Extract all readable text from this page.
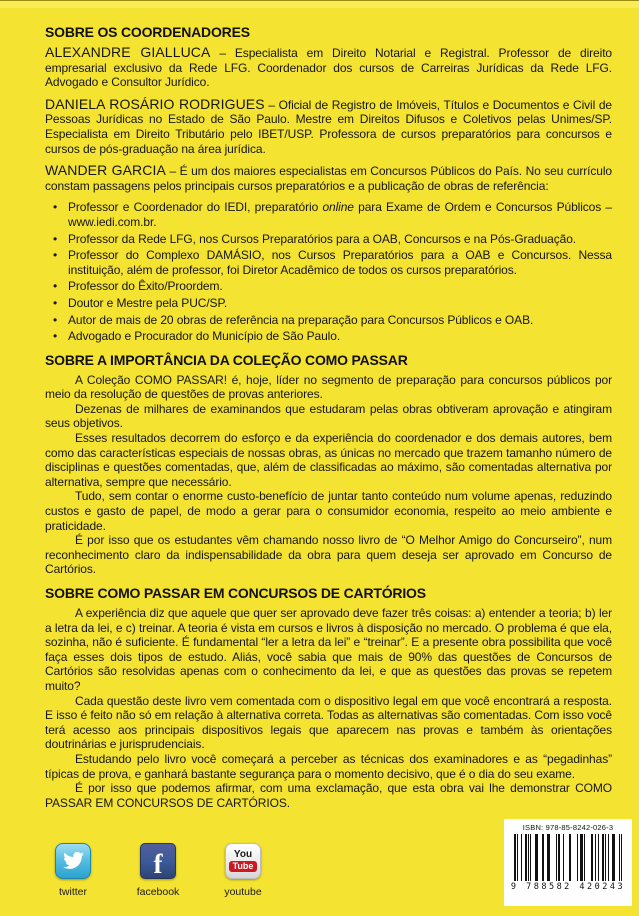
SOBRE OS COORDENADORES

ALEXANDRE GIALLUCA – Especialista em Direito Notarial e Registral. Professor de direito empresarial exclusivo da Rede LFG. Coordenador dos cursos de Carreiras Jurídicas da Rede LFG. Advogado e Consultor Jurídico.

DANIELA ROSÁRIO RODRIGUES – Oficial de Registro de Imóveis, Títulos e Documentos e Civil de Pessoas Jurídicas no Estado de São Paulo. Mestre em Direitos Difusos e Coletivos pelas Unimes/SP. Especialista em Direito Tributário pelo IBET/USP. Professora de cursos preparatórios para concursos e cursos de pós-graduação na área jurídica.

WANDER GARCIA – É um dos maiores especialistas em Concursos Públicos do País. No seu currículo constam passagens pelos principais cursos preparatórios e a publicação de obras de referência:

• Professor e Coordenador do IEDI, preparatório online para Exame de Ordem e Concursos Públicos – www.iedi.com.br.
• Professor da Rede LFG, nos Cursos Preparatórios para a OAB, Concursos e na Pós-Graduação.
• Professor do Complexo DAMÁSIO, nos Cursos Preparatórios para a OAB e Concursos. Nessa instituição, além de professor, foi Diretor Acadêmico de todos os cursos preparatórios.
• Professor do Êxito/Proordem.
• Doutor e Mestre pela PUC/SP.
• Autor de mais de 20 obras de referência na preparação para Concursos Públicos e OAB.
• Advogado e Procurador do Município de São Paulo.
SOBRE A IMPORTÂNCIA DA COLEÇÃO COMO PASSAR

A Coleção COMO PASSAR! é, hoje, líder no segmento de preparação para concursos públicos por meio da resolução de questões de provas anteriores.

Dezenas de milhares de examinandos que estudaram pelas obras obtiveram aprovação e atingiram seus objetivos.

Esses resultados decorrem do esforço e da experiência do coordenador e dos demais autores, bem como das características especiais de nossas obras, as únicas no mercado que trazem tamanho número de disciplinas e questões comentadas, que, além de classificadas ao máximo, são comentadas alternativa por alternativa, sempre que necessário.

Tudo, sem contar o enorme custo-benefício de juntar tanto conteúdo num volume apenas, reduzindo custos e gasto de papel, de modo a gerar para o consumidor economia, respeito ao meio ambiente e praticidade.

É por isso que os estudantes vêm chamando nosso livro de “O Melhor Amigo do Concurseiro”, num reconhecimento claro da indispensabilidade da obra para quem deseja ser aprovado em Concurso de Cartórios.

SOBRE COMO PASSAR EM CONCURSOS DE CARTÓRIOS

A experiência diz que aquele que quer ser aprovado deve fazer três coisas: a) entender a teoria; b) ler a letra da lei, e c) treinar. A teoria é vista em cursos e livros à disposição no mercado. O problema é que ela, sozinha, não é suficiente. É fundamental “ler a letra da lei” e “treinar”. E a presente obra possibilita que você faça esses dois tipos de estudo. Aliás, você sabia que mais de 90% das questões de Concursos de Cartórios são resolvidas apenas com o conhecimento da lei, e que as questões das provas se repetem muito?

Cada questão deste livro vem comentada com o dispositivo legal em que você encontrará a resposta. E isso é feito não só em relação à alternativa correta. Todas as alternativas são comentadas. Com isso você terá acesso aos principais dispositivos legais que aparecem nas provas e também às orientações doutrinárias e jurisprudenciais.

Estudando pelo livro você começará a perceber as técnicas dos examinadores e as “pegadinhas” típicas de prova, e ganhará bastante segurança para o momento decisivo, que é o dia do seu exame.

É por isso que podemos afirmar, com uma exclamação, que esta obra vai lhe demonstrar COMO PASSAR EM CONCURSOS DE CARTÓRIOS.

twitter
f
facebook
You
Tube
youtube
ISBN: 978-85-8242-026-3
9 788582 420243
